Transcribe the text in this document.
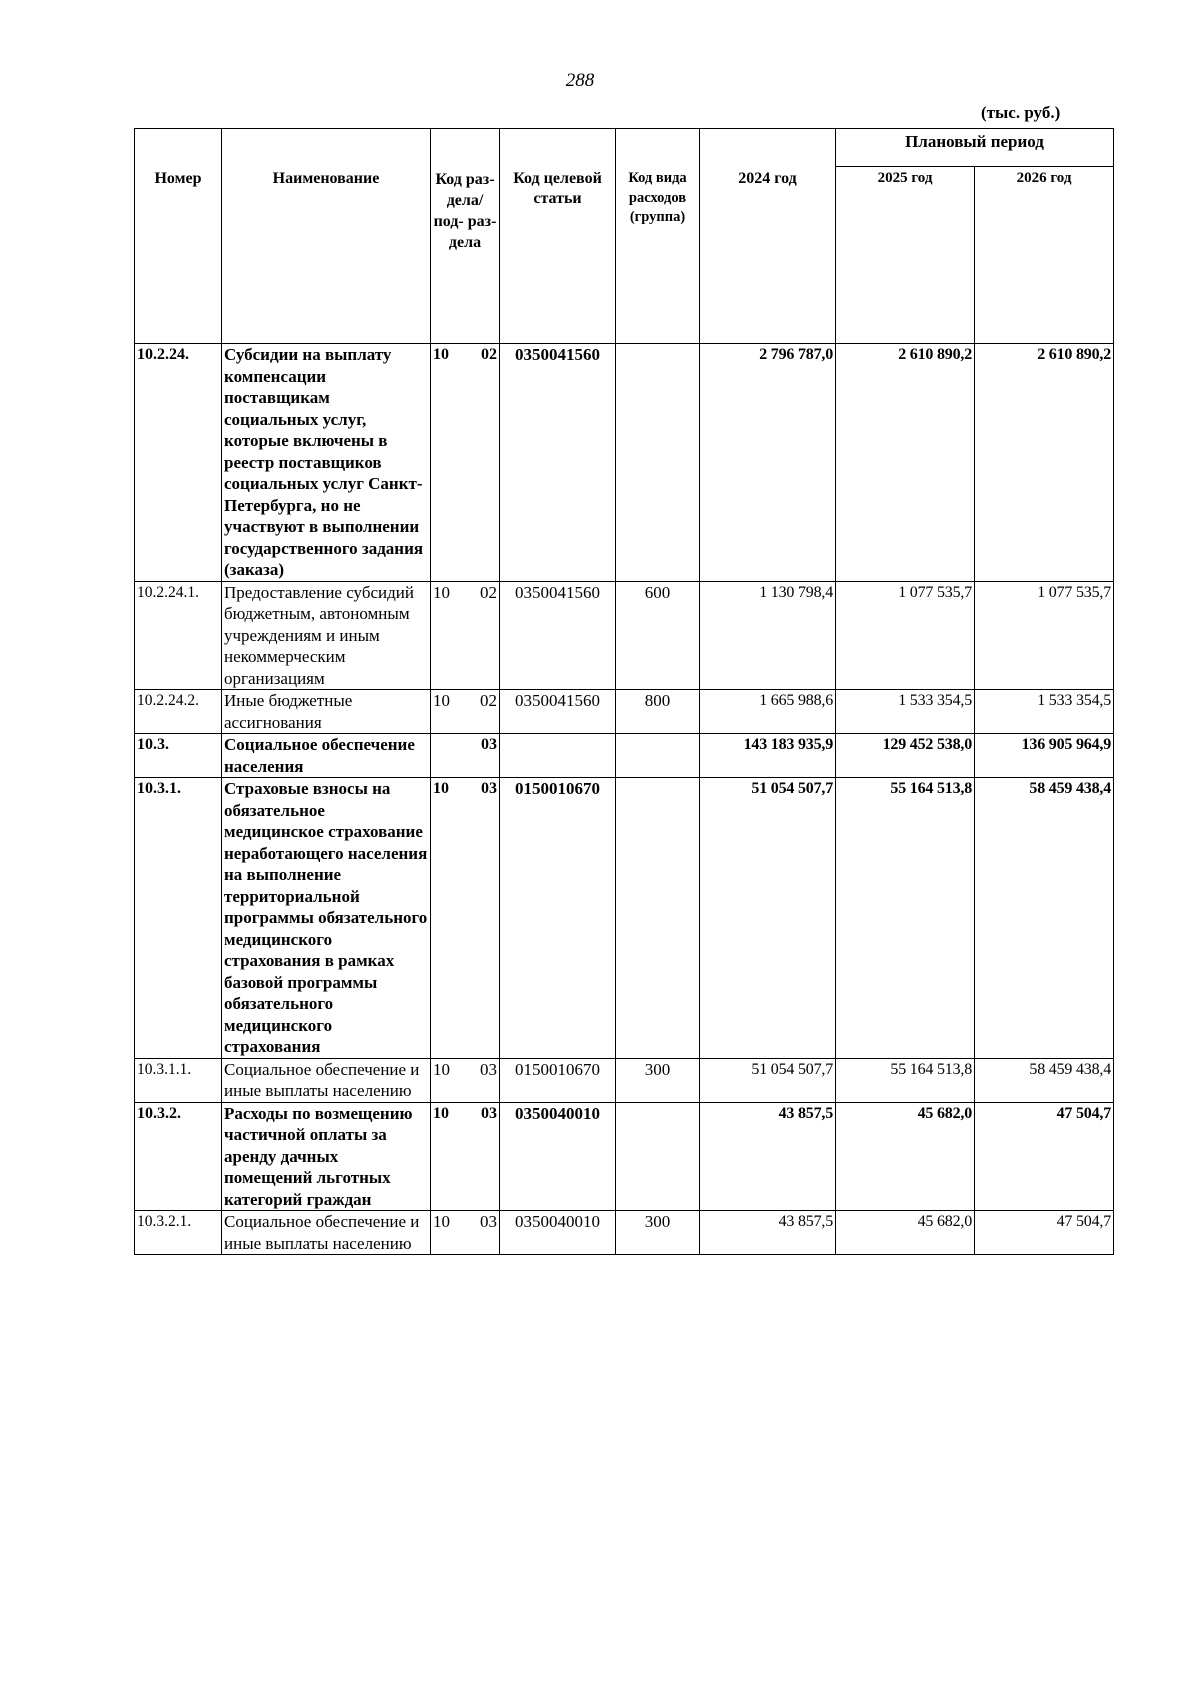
288
(тыс. руб.)
Номер	Наименование	Код раз- дела/ под- раз- дела	Код целевой статьи	Код вида расходов (группа)	2024 год	Плановый период	
						2025 год	2026 год
10.2.24.	Субсидии на выплату компенсации поставщикам социальных услуг, которые включены в реестр поставщиков социальных услуг Санкт-Петербурга, но не участвуют в выполнении государственного задания (заказа)	10 02	0350041560		2 796 787,0	2 610 890,2	2 610 890,2
10.2.24.1.	Предоставление субсидий бюджетным, автономным учреждениям и иным некоммерческим организациям	10 02	0350041560	600	1 130 798,4	1 077 535,7	1 077 535,7
10.2.24.2.	Иные бюджетные ассигнования	10 02	0350041560	800	1 665 988,6	1 533 354,5	1 533 354,5
10.3.	Социальное обеспечение населения	03			143 183 935,9	129 452 538,0	136 905 964,9
10.3.1.	Страховые взносы на обязательное медицинское страхование неработающего населения на выполнение территориальной программы обязательного медицинского страхования в рамках базовой программы обязательного медицинского страхования	10 03	0150010670		51 054 507,7	55 164 513,8	58 459 438,4
10.3.1.1.	Социальное обеспечение и иные выплаты населению	10 03	0150010670	300	51 054 507,7	55 164 513,8	58 459 438,4
10.3.2.	Расходы по возмещению частичной оплаты за аренду дачных помещений льготных категорий граждан	10 03	0350040010		43 857,5	45 682,0	47 504,7
10.3.2.1.	Социальное обеспечение и иные выплаты населению	10 03	0350040010	300	43 857,5	45 682,0	47 504,7
